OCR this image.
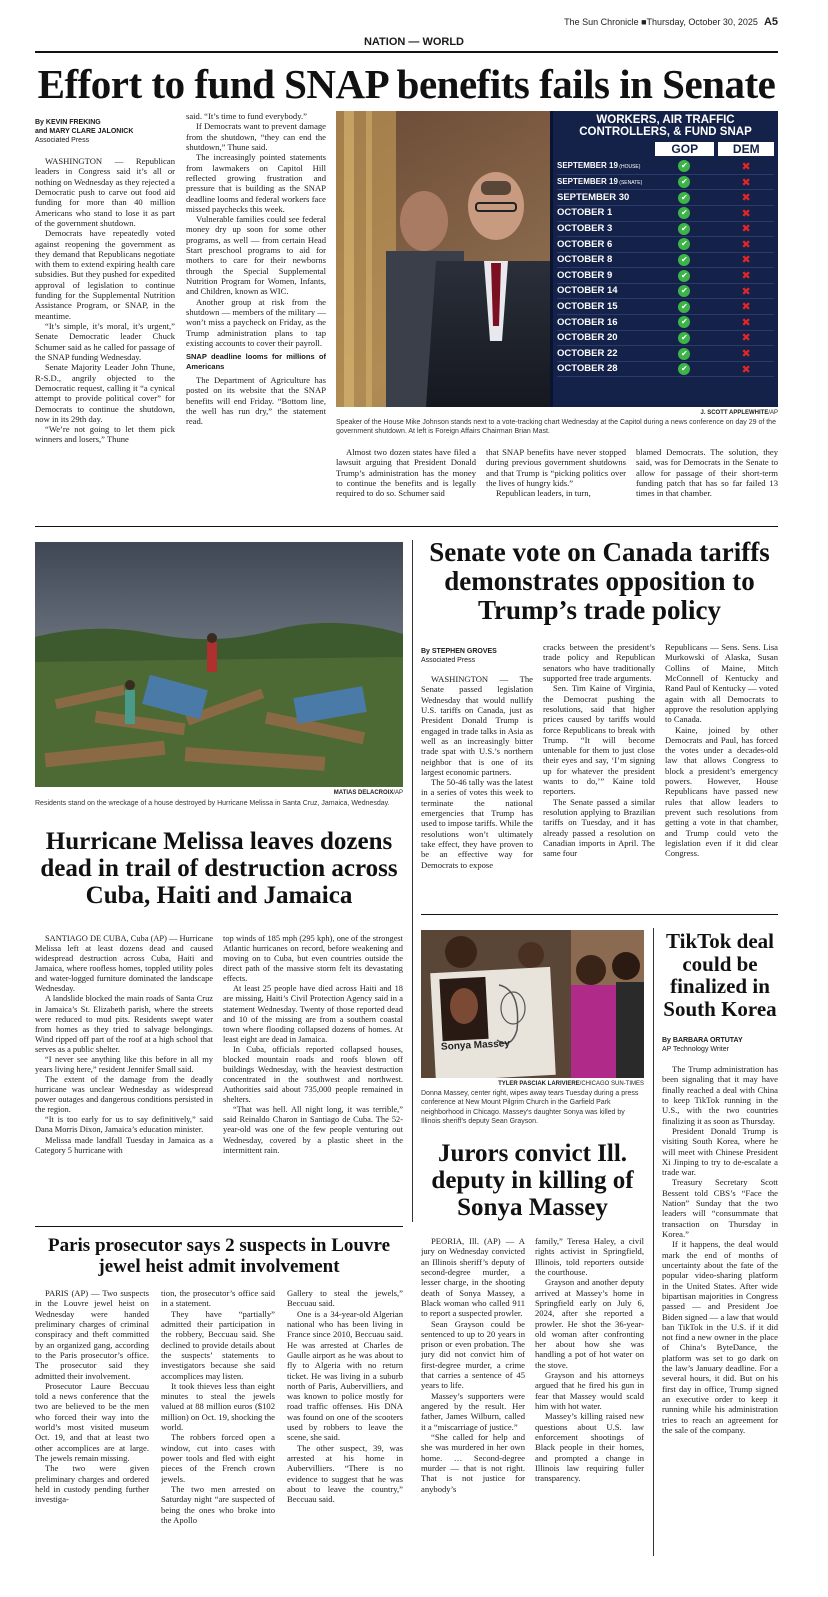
The Sun Chronicle ■Thursday, October 30, 2025 A5
NATION — WORLD
Effort to fund SNAP benefits fails in Senate
By KEVIN FREKING
and MARY CLARE JALONICK
Associated Press

WASHINGTON — Republican leaders in Congress said it’s all or nothing on Wednesday as they rejected a Democratic push to carve out food aid funding for more than 40 million Americans who stand to lose it as part of the government shutdown.

Democrats have repeatedly voted against reopening the government as they demand that Republicans negotiate with them to extend expiring health care subsidies. But they pushed for expedited approval of legislation to continue funding for the Supplemental Nutrition Assistance Program, or SNAP, in the meantime.

“It’s simple, it’s moral, it’s urgent,” Senate Democratic leader Chuck Schumer said as he called for passage of the SNAP funding Wednesday.

Senate Majority Leader John Thune, R-S.D., angrily objected to the Democratic request, calling it “a cynical attempt to provide political cover” for Democrats to continue the shutdown, now in its 29th day.

“We’re not going to let them pick winners and losers,” Thune

said. “It’s time to fund everybody.”

If Democrats want to prevent damage from the shutdown, “they can end the shutdown,” Thune said.

The increasingly pointed statements from lawmakers on Capitol Hill reflected growing frustration and pressure that is building as the SNAP deadline looms and federal workers face missed paychecks this week.

Vulnerable families could see federal money dry up soon for some other programs, as well — from certain Head Start preschool programs to aid for mothers to care for their newborns through the Special Supplemental Nutrition Program for Women, Infants, and Children, known as WIC.

Another group at risk from the shutdown — members of the military — won’t miss a paycheck on Friday, as the Trump administration plans to tap existing accounts to cover their payroll.

SNAP deadline looms for millions of Americans

The Department of Agriculture has posted on its website that the SNAP benefits will end Friday. “Bottom line, the well has run dry,” the statement read.

WORKERS, AIR TRAFFIC
CONTROLLERS, & FUND SNAP
GOP	DEM
SEPTEMBER 19 (HOUSE)	✔	✖
SEPTEMBER 19 (SENATE)	✔	✖
SEPTEMBER 30	✔	✖
OCTOBER 1	✔	✖
OCTOBER 3	✔	✖
OCTOBER 6	✔	✖
OCTOBER 8	✔	✖
OCTOBER 9	✔	✖
OCTOBER 14	✔	✖
OCTOBER 15	✔	✖
OCTOBER 16	✔	✖
OCTOBER 20	✔	✖
OCTOBER 22	✔	✖
OCTOBER 28	✔	✖
J. SCOTT APPLEWHITE/AP
Speaker of the House Mike Johnson stands next to a vote-tracking chart Wednesday at the Capitol during a news conference on day 29 of the government shutdown. At left is Foreign Affairs Chairman Brian Mast.

Almost two dozen states have filed a lawsuit arguing that President Donald Trump’s administration has the money to continue the benefits and is legally required to do so. Schumer said

that SNAP benefits have never stopped during previous government shutdowns and that Trump is “picking politics over the lives of hungry kids.”

Republican leaders, in turn,

blamed Democrats. The solution, they said, was for Democrats in the Senate to allow for passage of their short-term funding patch that has so far failed 13 times in that chamber.

MATIAS DELACROIX/AP
Residents stand on the wreckage of a house destroyed by Hurricane Melissa in Santa Cruz, Jamaica, Wednesday.
Hurricane Melissa leaves dozens dead in trail of destruction across Cuba, Haiti and Jamaica

SANTIAGO DE CUBA, Cuba (AP) — Hurricane Melissa left at least dozens dead and caused widespread destruction across Cuba, Haiti and Jamaica, where roofless homes, toppled utility poles and water-logged furniture dominated the landscape Wednesday.

A landslide blocked the main roads of Santa Cruz in Jamaica’s St. Elizabeth parish, where the streets were reduced to mud pits. Residents swept water from homes as they tried to salvage belongings. Wind ripped off part of the roof at a high school that serves as a public shelter.

“I never see anything like this before in all my years living here,” resident Jennifer Small said.

The extent of the damage from the deadly hurricane was unclear Wednesday as widespread power outages and dangerous conditions persisted in the region.

“It is too early for us to say definitively,” said Dana Morris Dixon, Jamaica’s education minister.

Melissa made landfall Tuesday in Jamaica as a Category 5 hurricane with

top winds of 185 mph (295 kph), one of the strongest Atlantic hurricanes on record, before weakening and moving on to Cuba, but even countries outside the direct path of the massive storm felt its devastating effects.

At least 25 people have died across Haiti and 18 are missing, Haiti’s Civil Protection Agency said in a statement Wednesday. Twenty of those reported dead and 10 of the missing are from a southern coastal town where flooding collapsed dozens of homes. At least eight are dead in Jamaica.

In Cuba, officials reported collapsed houses, blocked mountain roads and roofs blown off buildings Wednesday, with the heaviest destruction concentrated in the southwest and northwest. Authorities said about 735,000 people remained in shelters.

“That was hell. All night long, it was terrible,” said Reinaldo Charon in Santiago de Cuba. The 52-year-old was one of the few people venturing out Wednesday, covered by a plastic sheet in the intermittent rain.

Senate vote on Canada tariffs demonstrates opposition to Trump’s trade policy
By STEPHEN GROVES
Associated Press

WASHINGTON — The Senate passed legislation Wednesday that would nullify U.S. tariffs on Canada, just as President Donald Trump is engaged in trade talks in Asia as well as an increasingly bitter trade spat with U.S.’s northern neighbor that is one of its largest economic partners.

The 50-46 tally was the latest in a series of votes this week to terminate the national emergencies that Trump has used to impose tariffs. While the resolutions won’t ultimately take effect, they have proven to be an effective way for Democrats to expose

cracks between the president’s trade policy and Republican senators who have traditionally supported free trade arguments.

Sen. Tim Kaine of Virginia, the Democrat pushing the resolutions, said that higher prices caused by tariffs would force Republicans to break with Trump. “It will become untenable for them to just close their eyes and say, ‘I’m signing up for whatever the president wants to do,’” Kaine told reporters.

The Senate passed a similar resolution applying to Brazilian tariffs on Tuesday, and it has already passed a resolution on Canadian imports in April. The same four

Republicans — Sens. Sens. Lisa Murkowski of Alaska, Susan Collins of Maine, Mitch McConnell of Kentucky and Rand Paul of Kentucky — voted again with all Democrats to approve the resolution applying to Canada.

Kaine, joined by other Democrats and Paul, has forced the votes under a decades-old law that allows Congress to block a president’s emergency powers. However, House Republicans have passed new rules that allow leaders to prevent such resolutions from getting a vote in that chamber, and Trump could veto the legislation even if it did clear Congress.

Sonya Massey
TYLER PASCIAK LARIVIERE/CHICAGO SUN-TIMES
Donna Massey, center right, wipes away tears Tuesday during a press conference at New Mount Pilgrim Church in the Garfield Park neighborhood in Chicago. Massey’s daughter Sonya was killed by Illinois sheriff’s deputy Sean Grayson.
Jurors convict Ill. deputy in killing of Sonya Massey

PEORIA, Ill. (AP) — A jury on Wednesday convicted an Illinois sheriff’s deputy of second-degree murder, a lesser charge, in the shooting death of Sonya Massey, a Black woman who called 911 to report a suspected prowler.

Sean Grayson could be sentenced to up to 20 years in prison or even probation. The jury did not convict him of first-degree murder, a crime that carries a sentence of 45 years to life.

Massey’s supporters were angered by the result. Her father, James Wilburn, called it a “miscarriage of justice.”

“She called for help and she was murdered in her own home. … Second-degree murder — that is not right. That is not justice for anybody’s

family,” Teresa Haley, a civil rights activist in Springfield, Illinois, told reporters outside the courthouse.

Grayson and another deputy arrived at Massey’s home in Springfield early on July 6, 2024, after she reported a prowler. He shot the 36-year-old woman after confronting her about how she was handling a pot of hot water on the stove.

Grayson and his attorneys argued that he fired his gun in fear that Massey would scald him with hot water.

Massey’s killing raised new questions about U.S. law enforcement shootings of Black people in their homes, and prompted a change in Illinois law requiring fuller transparency.

TikTok deal could be finalized in South Korea
By BARBARA ORTUTAY
AP Technology Writer

The Trump administration has been signaling that it may have finally reached a deal with China to keep TikTok running in the U.S., with the two countries finalizing it as soon as Thursday.

President Donald Trump is visiting South Korea, where he will meet with Chinese President Xi Jinping to try to de-escalate a trade war.

Treasury Secretary Scott Bessent told CBS’s “Face the Nation” Sunday that the two leaders will “consummate that transaction on Thursday in Korea.”

If it happens, the deal would mark the end of months of uncertainty about the fate of the popular video-sharing platform in the United States. After wide bipartisan majorities in Congress passed — and President Joe Biden signed — a law that would ban TikTok in the U.S. if it did not find a new owner in the place of China’s ByteDance, the platform was set to go dark on the law’s January deadline. For a several hours, it did. But on his first day in office, Trump signed an executive order to keep it running while his administration tries to reach an agreement for the sale of the company.

Paris prosecutor says 2 suspects in Louvre jewel heist admit involvement

PARIS (AP) — Two suspects in the Louvre jewel heist on Wednesday were handed preliminary charges of criminal conspiracy and theft committed by an organized gang, according to the Paris prosecutor’s office. The prosecutor said they admitted their involvement.

Prosecutor Laure Beccuau told a news conference that the two are believed to be the men who forced their way into the world’s most visited museum Oct. 19, and that at least two other accomplices are at large. The jewels remain missing.

The two were given preliminary charges and ordered held in custody pending further investiga-

tion, the prosecutor’s office said in a statement.

They have “partially” admitted their participation in the robbery, Beccuau said. She declined to provide details about the suspects’ statements to investigators because she said accomplices may listen.

It took thieves less than eight minutes to steal the jewels valued at 88 million euros ($102 million) on Oct. 19, shocking the world.

The robbers forced open a window, cut into cases with power tools and fled with eight pieces of the French crown jewels.

The two men arrested on Saturday night “are suspected of being the ones who broke into the Apollo

Gallery to steal the jewels,” Beccuau said.

One is a 34-year-old Algerian national who has been living in France since 2010, Beccuau said. He was arrested at Charles de Gaulle airport as he was about to fly to Algeria with no return ticket. He was living in a suburb north of Paris, Aubervilliers, and was known to police mostly for road traffic offenses. His DNA was found on one of the scooters used by robbers to leave the scene, she said.

The other suspect, 39, was arrested at his home in Aubervilliers. “There is no evidence to suggest that he was about to leave the country,” Beccuau said.
